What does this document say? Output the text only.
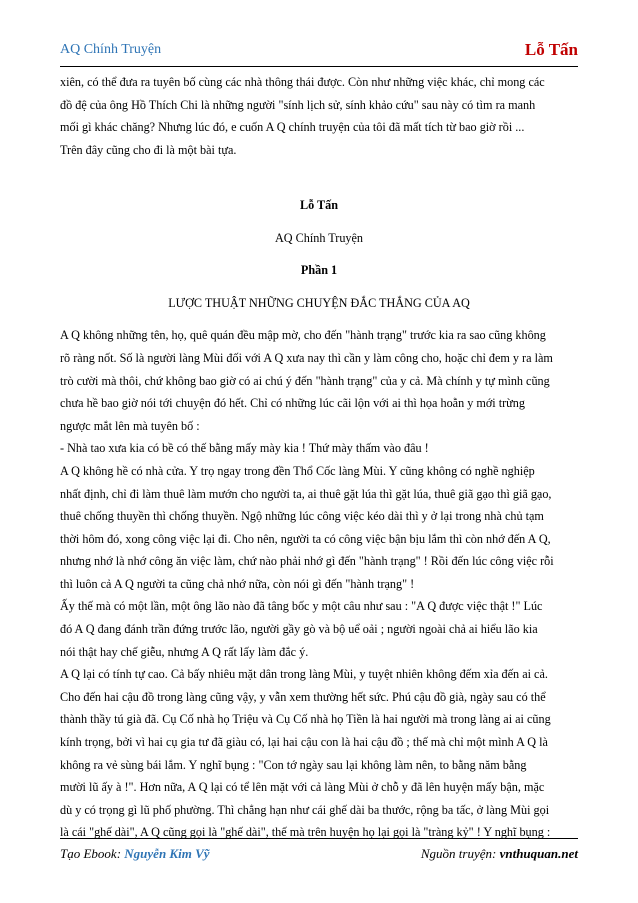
AQ Chính Truyện	Lỗ Tấn

xiên, có thể đưa ra tuyên bố cùng các nhà thông thái được. Còn như những việc khác, chỉ mong các

đồ đệ của ông Hồ Thích Chi là những người "sính lịch sử, sính khảo cứu" sau này có tìm ra manh

mối gì khác chăng? Nhưng lúc đó, e cuốn A Q chính truyện của tôi đã mất tích từ bao giờ rồi ...

Trên đây cũng cho đi là một bài tựa.

Lỗ Tấn

AQ Chính Truyện

Phần 1

LƯỢC THUẬT NHỮNG CHUYỆN ĐẮC THẮNG CỦA AQ

A Q không những tên, họ, quê quán đều mập mờ, cho đến "hành trạng" trước kia ra sao cũng không

rõ ràng nốt. Số là người làng Mùi đối với A Q xưa nay thì cần y làm công cho, hoặc chỉ đem y ra làm

trò cười mà thôi, chứ không bao giờ có ai chú ý đến "hành trạng" của y cả. Mà chính y tự mình cũng

chưa hề bao giờ nói tới chuyện đó hết. Chỉ có những lúc cãi lộn với ai thì họa hoằn y mới trừng

ngược mắt lên mà tuyên bố :

- Nhà tao xưa kia có bề có thế bằng mấy mày kia ! Thứ mày thấm vào đâu !

A Q không hề có nhà cửa. Y trọ ngay trong đền Thổ Cốc làng Mùi. Y cũng không có nghề nghiệp

nhất định, chỉ đi làm thuê làm mướn cho người ta, ai thuê gặt lúa thì gặt lúa, thuê giã gạo thì giã gạo,

thuê chống thuyền thì chống thuyền. Ngộ những lúc công việc kéo dài thì y ở lại trong nhà chủ tạm

thời hôm đó, xong công việc lại đi. Cho nên, người ta có công việc bận bịu lắm thì còn nhớ đến A Q,

nhưng nhớ là nhớ công ăn việc làm, chứ nào phải nhớ gì đến "hành trạng" ! Rồi đến lúc công việc rỗi

thì luôn cả A Q người ta cũng chả nhớ nữa, còn nói gì đến "hành trạng" !

Ấy thế mà có một lần, một ông lão nào đã tâng bốc y một câu như sau : "A Q được việc thật !" Lúc

đó A Q đang đánh trần đứng trước lão, người gầy gò và bộ uể oải ; người ngoài chả ai hiểu lão kia

nói thật hay chế giễu, nhưng A Q rất lấy làm đắc ý.

A Q lại có tính tự cao. Cả bấy nhiêu mặt dân trong làng Mùi, y tuyệt nhiên không đếm xỉa đến ai cả.

Cho đến hai cậu đồ trong làng cũng vậy, y vẫn xem thường hết sức. Phú cậu đồ già, ngày sau có thể

thành thầy tú già đã. Cụ Cố nhà họ Triệu và Cụ Cố nhà họ Tiền là hai người mà trong làng ai ai cũng

kính trọng, bởi vì hai cụ gia tư đã giàu có, lại hai cậu con là hai cậu đồ ; thế mà chỉ một mình A Q là

không ra vẻ sùng bái lắm. Y nghĩ bụng : "Con tớ ngày sau lại không làm nên, to bằng năm bằng

mười lũ ấy à !". Hơn nữa, A Q lại có tể lên mặt với cả làng Mùi ở chỗ y đã lên huyện mấy bận, mặc

dù y có trọng gì lũ phố phường. Thì chẳng hạn như cái ghế dài ba thước, rộng ba tấc, ở làng Mùi gọi

là cái "ghế dài", A Q cũng gọi là "ghế dài", thế mà trên huyện họ lại gọi là "tràng kỷ" ! Y nghĩ bụng :

Tạo Ebook: Nguyễn Kim Vỹ	Nguồn truyện: vnthuquan.net
